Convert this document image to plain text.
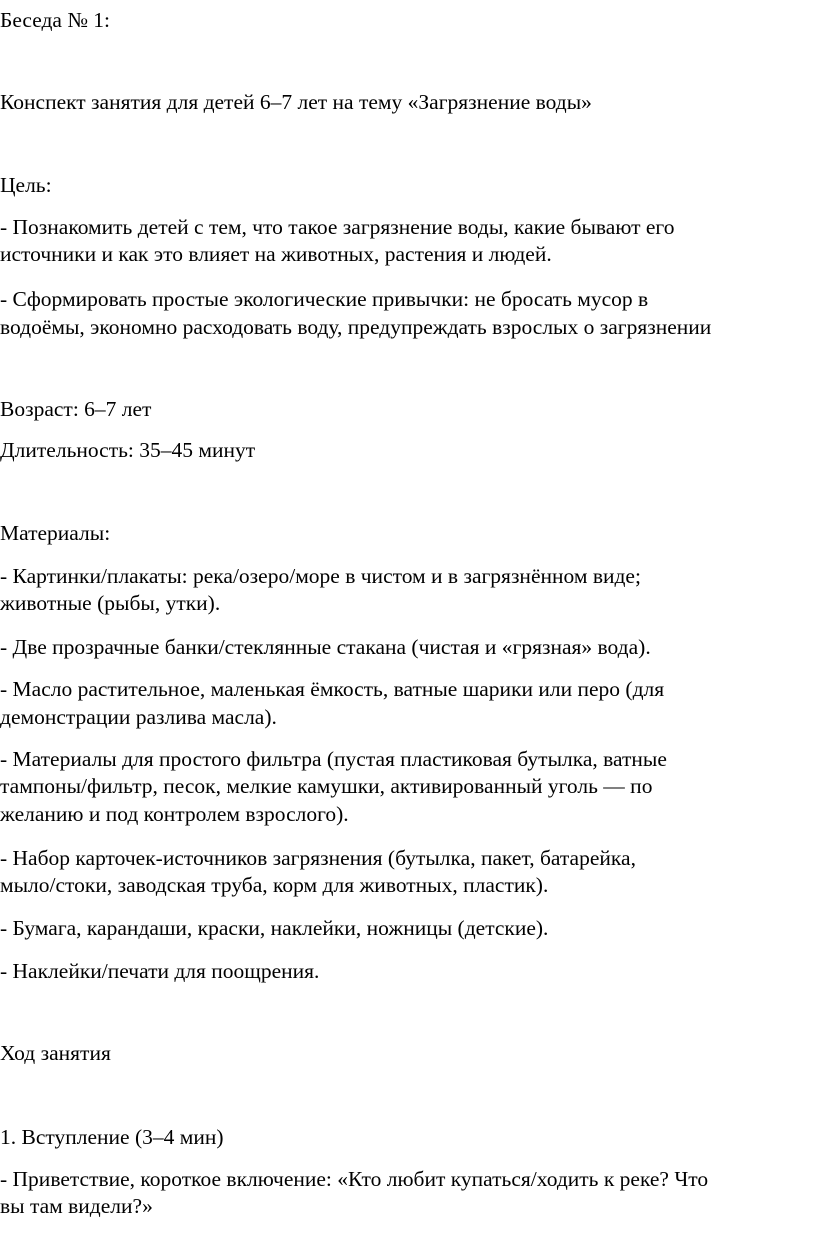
Беседа № 1:

Конспект занятия для детей 6–7 лет на тему «Загрязнение воды»

Цель:

- Познакомить детей с тем, что такое загрязнение воды, какие бывают его

источники и как это влияет на животных, растения и людей.

- Сформировать простые экологические привычки: не бросать мусор в

водоёмы, экономно расходовать воду, предупреждать взрослых о загрязнении

Возраст: 6–7 лет

Длительность: 35–45 минут

Материалы:

- Картинки/плакаты: река/озеро/море в чистом и в загрязнённом виде;

животные (рыбы, утки).

- Две прозрачные банки/стеклянные стакана (чистая и «грязная» вода).

- Масло растительное, маленькая ёмкость, ватные шарики или перо (для

демонстрации разлива масла).

- Материалы для простого фильтра (пустая пластиковая бутылка, ватные

тампоны/фильтр, песок, мелкие камушки, активированный уголь — по

желанию и под контролем взрослого).

- Набор карточек-источников загрязнения (бутылка, пакет, батарейка,

мыло/стоки, заводская труба, корм для животных, пластик).

- Бумага, карандаши, краски, наклейки, ножницы (детские).

- Наклейки/печати для поощрения.

Ход занятия

1. Вступление (3–4 мин)

- Приветствие, короткое включение: «Кто любит купаться/ходить к реке? Что

вы там видели?»
